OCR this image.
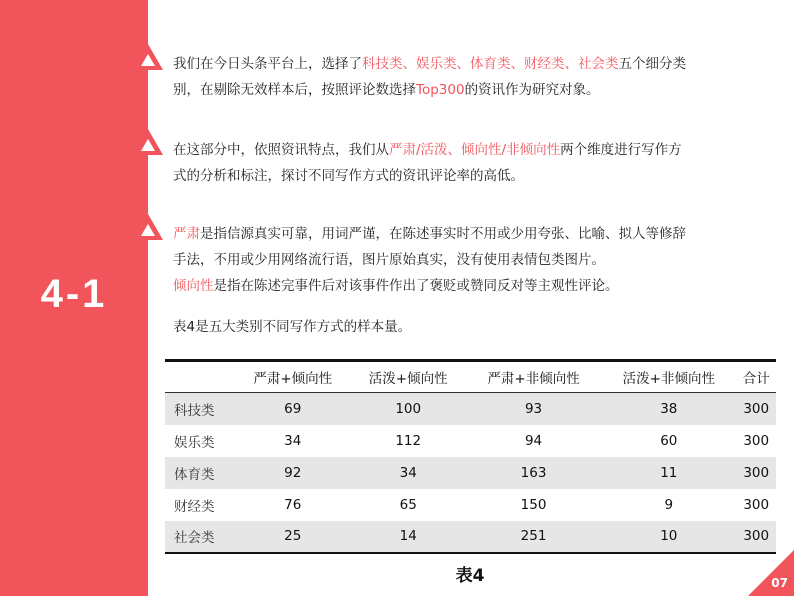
4-1
我们在今日头条平台上，选择了科技类、娱乐类、体育类、财经类、社会类五个细分类
别，在剔除无效样本后，按照评论数选择Top300的资讯作为研究对象。
在这部分中，依照资讯特点，我们从严肃/活泼、倾向性/非倾向性两个维度进行写作方
式的分析和标注，探讨不同写作方式的资讯评论率的高低。
严肃是指信源真实可靠，用词严谨，在陈述事实时不用或少用夸张、比喻、拟人等修辞
手法，不用或少用网络流行语，图片原始真实，没有使用表情包类图片。
倾向性是指在陈述完事件后对该事件作出了褒贬或赞同反对等主观性评论。
表4是五大类别不同写作方式的样本量。
	严肃+倾向性	活泼+倾向性	严肃+非倾向性	活泼+非倾向性	合计
科技类	69	100	93	38	300
娱乐类	34	112	94	60	300
体育类	92	34	163	11	300
财经类	76	65	150	9	300
社会类	25	14	251	10	300
表4	07
